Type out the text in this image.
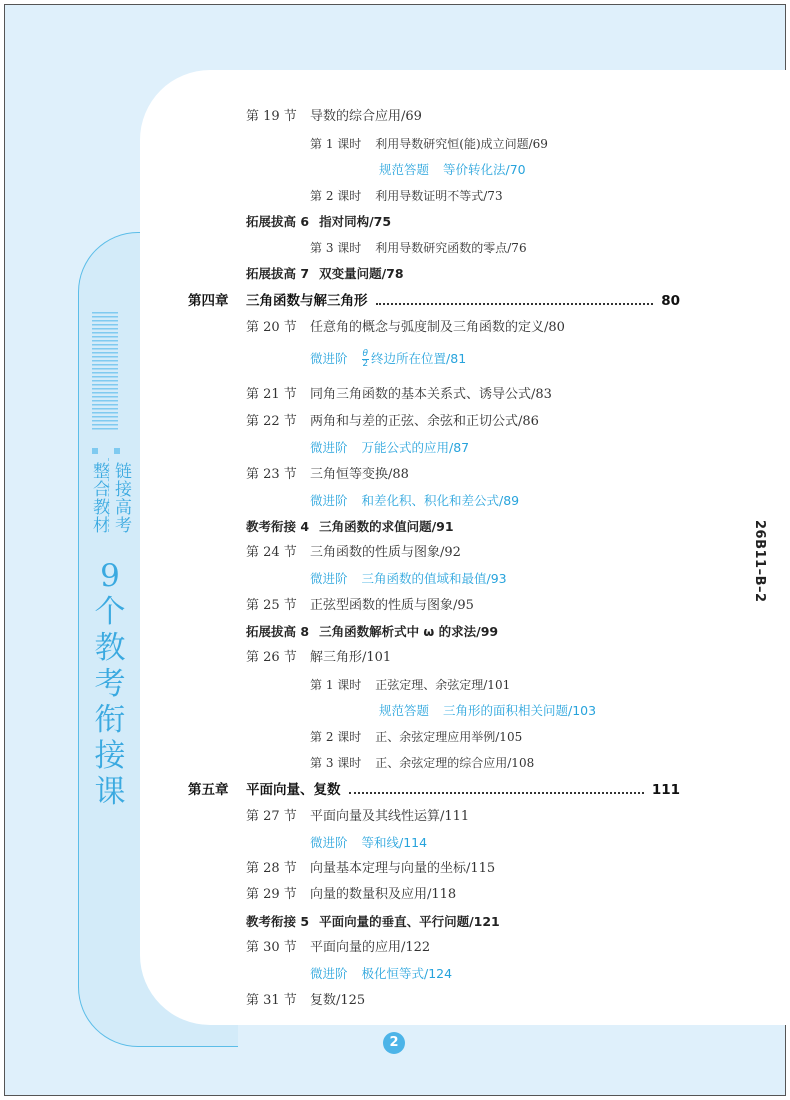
整合教材 链接高考
9
个
教
考
衔
接
课
第 19 节 导数的综合应用/69
第 1 课时 利用导数研究恒(能)成立问题/69
规范答题 等价转化法/70
第 2 课时 利用导数证明不等式/73
拓展拔高 6 指对同构/75
第 3 课时 利用导数研究函数的零点/76
拓展拔高 7 双变量问题/78
第四章	三角函数与解三角形	80
第 20 节 任意角的概念与弧度制及三角函数的定义/80
微进阶 $\frac{\theta}{2}$ 终边所在位置/81
第 21 节 同角三角函数的基本关系式、诱导公式/83
第 22 节 两角和与差的正弦、余弦和正切公式/86
微进阶 万能公式的应用/87
第 23 节 三角恒等变换/88
微进阶 和差化积、积化和差公式/89
教考衔接 4 三角函数的求值问题/91
第 24 节 三角函数的性质与图象/92
微进阶 三角函数的值域和最值/93
第 25 节 正弦型函数的性质与图象/95
拓展拔高 8 三角函数解析式中 ω 的求法/99
第 26 节 解三角形/101
第 1 课时 正弦定理、余弦定理/101
规范答题 三角形的面积相关问题/103
第 2 课时 正、余弦定理应用举例/105
第 3 课时 正、余弦定理的综合应用/108
第五章	平面向量、复数	111
第 27 节 平面向量及其线性运算/111
微进阶 等和线/114
第 28 节 向量基本定理与向量的坐标/115
第 29 节 向量的数量积及应用/118
教考衔接 5 平面向量的垂直、平行问题/121
第 30 节 平面向量的应用/122
微进阶 极化恒等式/124
第 31 节 复数/125
2
26B11–B–2
